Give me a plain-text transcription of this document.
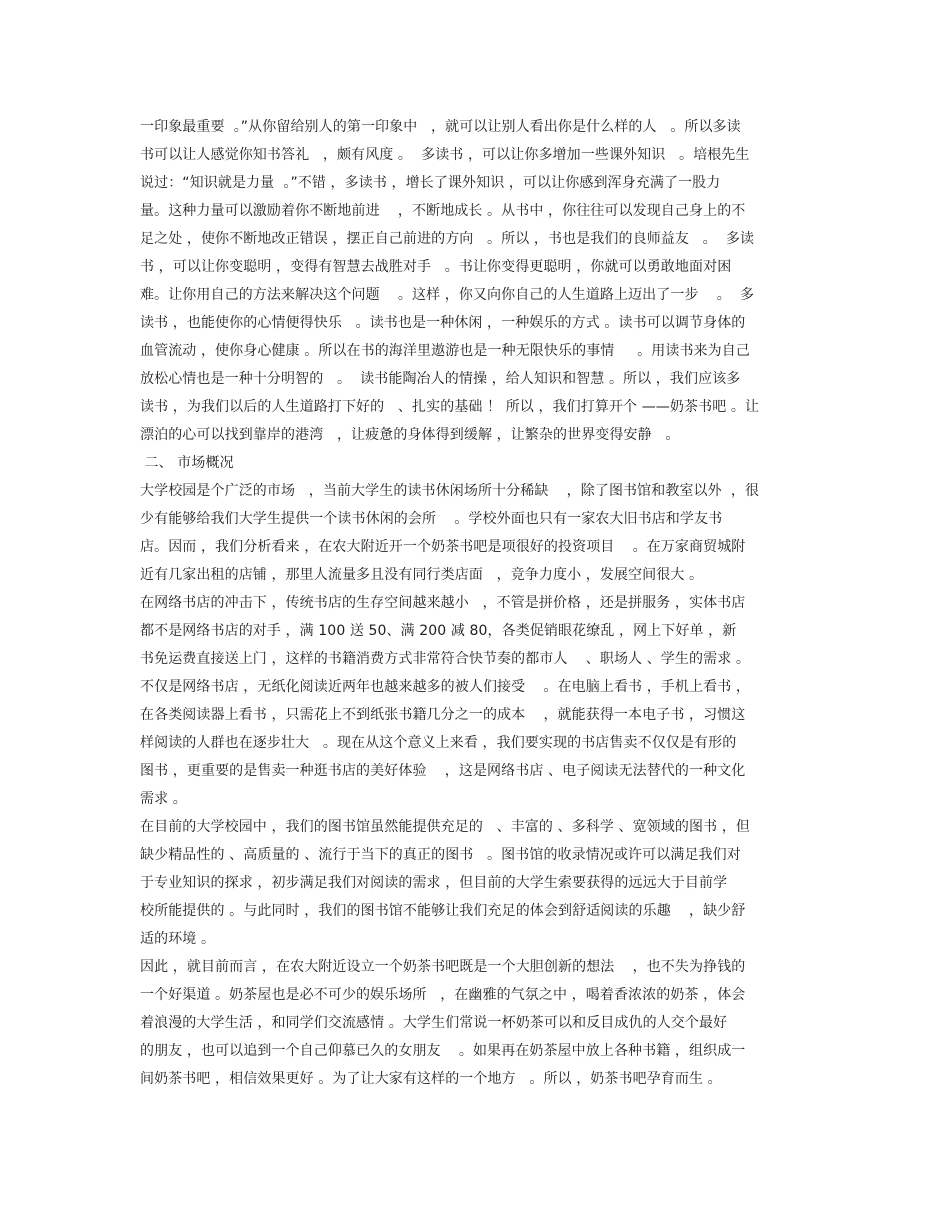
一印象最重要  。”从你留给别人的第一印象中   ，就可以让别人看出你是什么样的人   。所以多读
书可以让人感觉你知书答礼   ，颇有风度 。  多读书 ，可以让你多增加一些课外知识   。培根先生
说过：“知识就是力量  。”不错 ，多读书 ，增长了课外知识 ，可以让你感到浑身充满了一股力
量。这种力量可以激励着你不断地前进    ，不断地成长 。从书中 ，你往往可以发现自己身上的不
足之处 ，使你不断地改正错误 ，摆正自己前进的方向   。所以 ，书也是我们的良师益友   。  多读
书 ，可以让你变聪明 ，变得有智慧去战胜对手   。书让你变得更聪明 ，你就可以勇敢地面对困
难。让你用自己的方法来解决这个问题    。这样 ，你又向你自己的人生道路上迈出了一步    。  多
读书 ，也能使你的心情便得快乐   。读书也是一种休闲 ，一种娱乐的方式 。读书可以调节身体的
血管流动 ，使你身心健康 。所以在书的海洋里遨游也是一种无限快乐的事情     。用读书来为自己
放松心情也是一种十分明智的   。  读书能陶冶人的情操 ，给人知识和智慧 。所以 ，我们应该多
读书 ，为我们以后的人生道路打下好的   、扎实的基础 ！ 所以 ，我们打算开个 ——奶茶书吧 。让
漂泊的心可以找到靠岸的港湾   ，让疲惫的身体得到缓解 ，让繁杂的世界变得安静   。
二、 市场概况
大学校园是个广泛的市场   ，当前大学生的读书休闲场所十分稀缺    ，除了图书馆和教室以外  ，很
少有能够给我们大学生提供一个读书休闲的会所    。学校外面也只有一家农大旧书店和学友书
店。因而 ，我们分析看来 ，在农大附近开一个奶茶书吧是项很好的投资项目    。在万家商贸城附
近有几家出租的店铺 ，那里人流量多且没有同行类店面   ，竞争力度小 ，发展空间很大 。
在网络书店的冲击下 ，传统书店的生存空间越来越小   ，不管是拼价格 ，还是拼服务 ，实体书店
都不是网络书店的对手 ，满 100 送 50、满 200 减 80，各类促销眼花缭乱 ，网上下好单 ，新
书免运费直接送上门 ，这样的书籍消费方式非常符合快节奏的都市人    、职场人 、学生的需求 。
不仅是网络书店 ，无纸化阅读近两年也越来越多的被人们接受    。在电脑上看书 ，手机上看书 ，
在各类阅读器上看书 ，只需花上不到纸张书籍几分之一的成本    ，就能获得一本电子书 ，习惯这
样阅读的人群也在逐步壮大   。现在从这个意义上来看 ，我们要实现的书店售卖不仅仅是有形的
图书 ，更重要的是售卖一种逛书店的美好体验    ，这是网络书店 、电子阅读无法替代的一种文化
需求 。
在目前的大学校园中 ，我们的图书馆虽然能提供充足的   、丰富的 、多科学 、宽领域的图书 ，但
缺少精品性的 、高质量的 、流行于当下的真正的图书   。图书馆的收录情况或许可以满足我们对
于专业知识的探求 ，初步满足我们对阅读的需求 ，但目前的大学生索要获得的远远大于目前学
校所能提供的 。与此同时 ，我们的图书馆不能够让我们充足的体会到舒适阅读的乐趣    ，缺少舒
适的环境 。
因此 ，就目前而言 ，在农大附近设立一个奶茶书吧既是一个大胆创新的想法    ，也不失为挣钱的
一个好渠道 。奶茶屋也是必不可少的娱乐场所   ，在幽雅的气氛之中 ，喝着香浓浓的奶茶 ，体会
着浪漫的大学生活 ，和同学们交流感情 。大学生们常说一杯奶茶可以和反目成仇的人交个最好
的朋友 ，也可以追到一个自己仰慕已久的女朋友    。如果再在奶茶屋中放上各种书籍 ，组织成一
间奶茶书吧 ，相信效果更好 。为了让大家有这样的一个地方   。所以 ，奶茶书吧孕育而生 。
